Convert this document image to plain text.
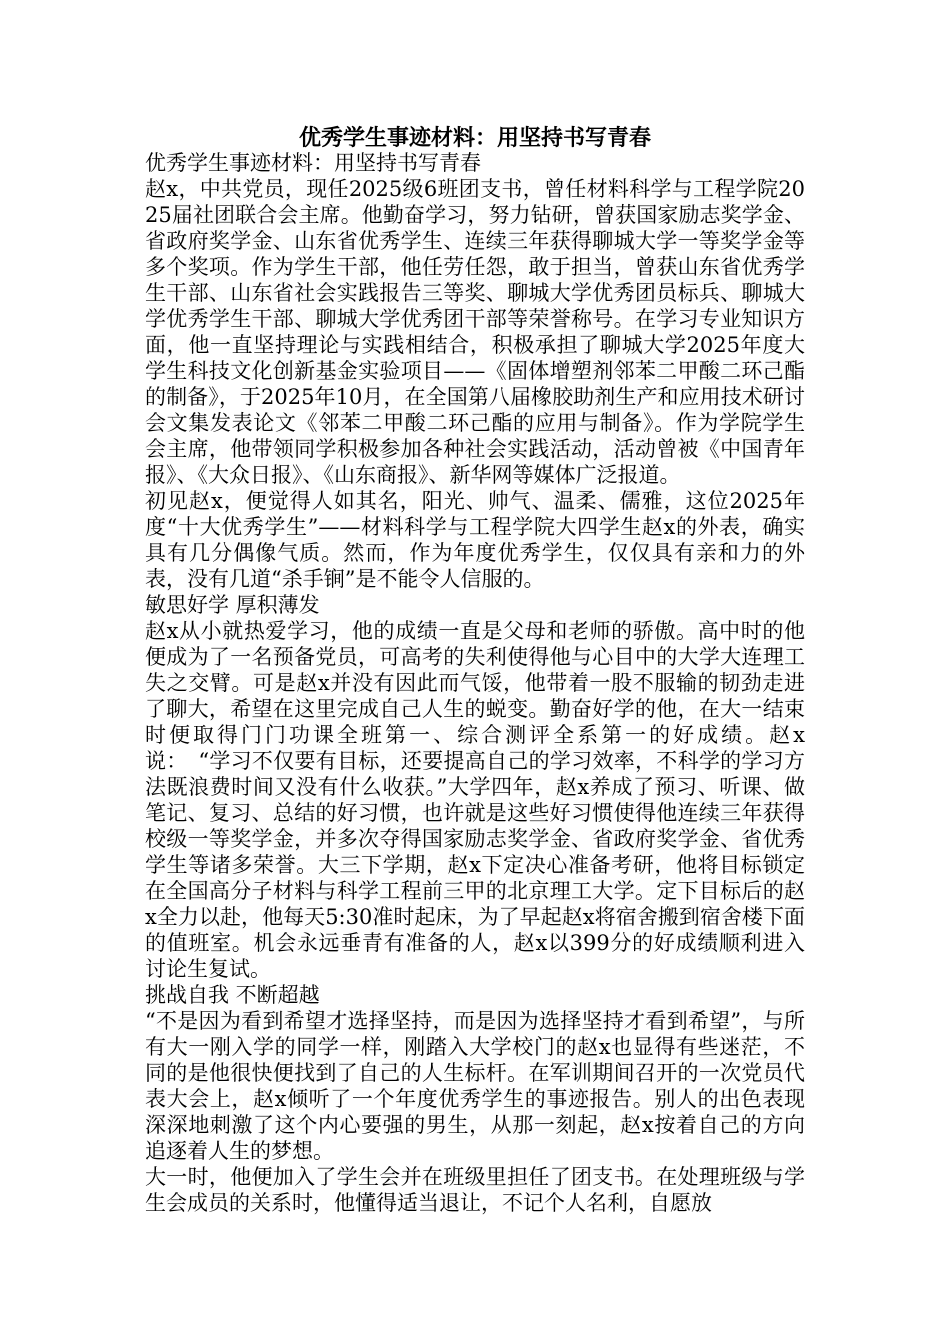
优秀学生事迹材料：用坚持书写青春

优秀学生事迹材料：用坚持书写青春

赵x，中共党员，现任2025级6班团支书，曾任材料科学与工程学院2025届社团联合会主席。他勤奋学习，努力钻研，曾获国家励志奖学金、省政府奖学金、山东省优秀学生、连续三年获得聊城大学一等奖学金等多个奖项。作为学生干部，他任劳任怨，敢于担当，曾获山东省优秀学生干部、山东省社会实践报告三等奖、聊城大学优秀团员标兵、聊城大学优秀学生干部、聊城大学优秀团干部等荣誉称号。在学习专业知识方面，他一直坚持理论与实践相结合，积极承担了聊城大学2025年度大学生科技文化创新基金实验项目——《固体增塑剂邻苯二甲酸二环己酯的制备》，于2025年10月，在全国第八届橡胶助剂生产和应用技术研讨会文集发表论文《邻苯二甲酸二环己酯的应用与制备》。作为学院学生会主席，他带领同学积极参加各种社会实践活动，活动曾被《中国青年报》、《大众日报》、《山东商报》、新华网等媒体广泛报道。

初见赵x，便觉得人如其名，阳光、帅气、温柔、儒雅，这位2025年度“十大优秀学生”——材料科学与工程学院大四学生赵x的外表，确实具有几分偶像气质。然而，作为年度优秀学生，仅仅具有亲和力的外表，没有几道“杀手锏”是不能令人信服的。

敏思好学 厚积薄发

赵x从小就热爱学习，他的成绩一直是父母和老师的骄傲。高中时的他便成为了一名预备党员，可高考的失利使得他与心目中的大学大连理工失之交臂。可是赵x并没有因此而气馁，他带着一股不服输的韧劲走进了聊大，希望在这里完成自己人生的蜕变。勤奋好学的他，在大一结束时便取得门门功课全班第一、综合测评全系第一的好成绩。赵x说：　“学习不仅要有目标，还要提高自己的学习效率，不科学的学习方法既浪费时间又没有什么收获。”大学四年，赵x养成了预习、听课、做笔记、复习、总结的好习惯，也许就是这些好习惯使得他连续三年获得校级一等奖学金，并多次夺得国家励志奖学金、省政府奖学金、省优秀学生等诸多荣誉。大三下学期，赵x下定决心准备考研，他将目标锁定在全国高分子材料与科学工程前三甲的北京理工大学。定下目标后的赵x全力以赴，他每天5:30准时起床，为了早起赵x将宿舍搬到宿舍楼下面的值班室。机会永远垂青有准备的人，赵x以399分的好成绩顺利进入讨论生复试。

挑战自我 不断超越

“不是因为看到希望才选择坚持，而是因为选择坚持才看到希望”，与所有大一刚入学的同学一样，刚踏入大学校门的赵x也显得有些迷茫，不同的是他很快便找到了自己的人生标杆。在军训期间召开的一次党员代表大会上，赵x倾听了一个年度优秀学生的事迹报告。别人的出色表现深深地刺激了这个内心要强的男生，从那一刻起，赵x按着自己的方向追逐着人生的梦想。

大一时，他便加入了学生会并在班级里担任了团支书。在处理班级与学生会成员的关系时，他懂得适当退让，不记个人名利，自愿放
